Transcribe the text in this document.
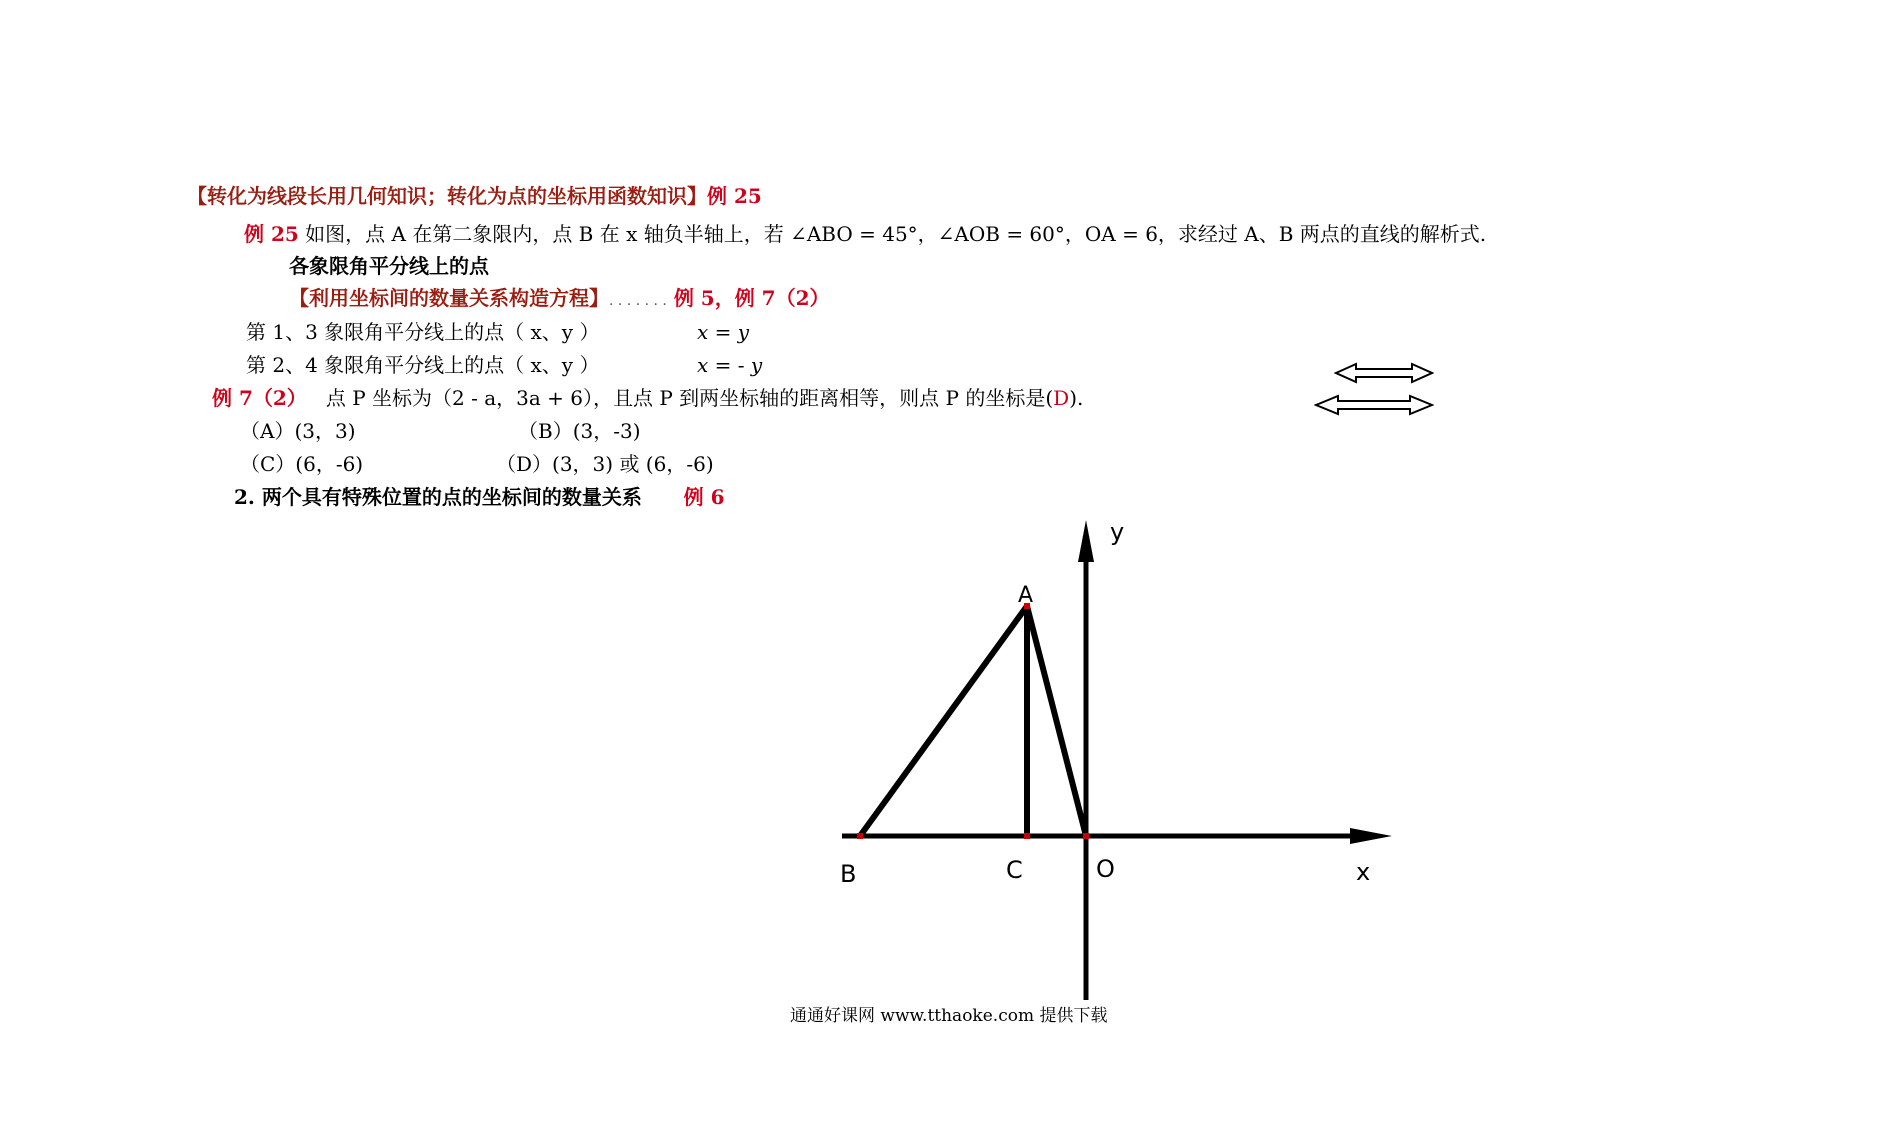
【转化为线段长用几何知识；转化为点的坐标用函数知识】例 25
例 25 如图，点 A 在第二象限内，点 B 在 x 轴负半轴上，若 ∠ABO = 45°，∠AOB = 60°，OA = 6，求经过 A、B 两点的直线的解析式.
各象限角平分线上的点
【利用坐标间的数量关系构造方程】. . . . . . . 例 5，例 7（2）
第 1、3 象限角平分线上的点（ x、y ）	x = y
第 2、4 象限角平分线上的点（ x、y ）	x = - y
例 7（2） 点 P 坐标为（2 - a，3a + 6），且点 P 到两坐标轴的距离相等，则点 P 的坐标是(D).
（A）(3，3)	（B）(3，-3)
（C）(6，-6)	（D）(3，3) 或 (6，-6)
2. 两个具有特殊位置的点的坐标间的数量关系 例 6
y
A
B	C	O	x
通通好课网 www.tthaoke.com 提供下载
